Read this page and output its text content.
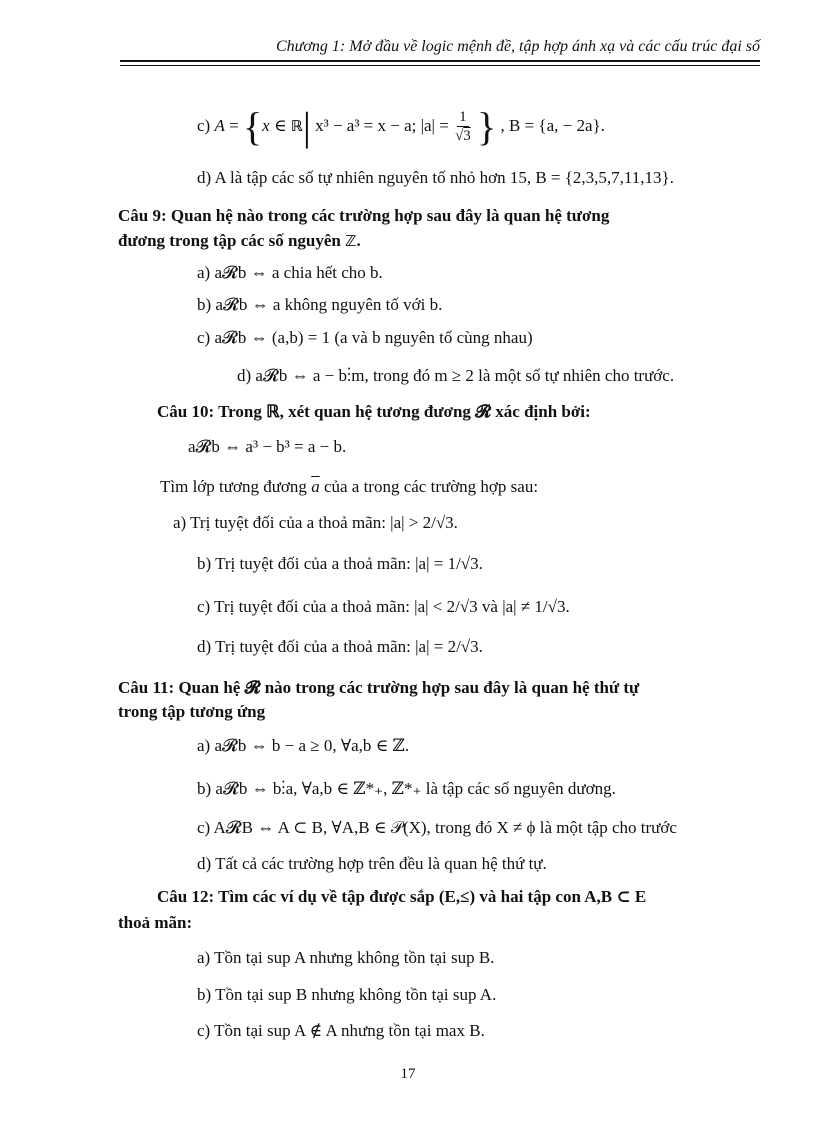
Chương 1: Mở đầu về logic mệnh đề, tập hợp ánh xạ và các cấu trúc đại số
c) A = {x ∈ ℝ| x³ − a³ = x − a; $|a| = \frac{1}{√3}$ } , B = {a, − 2a}.
d) A là tập các số tự nhiên nguyên tố nhỏ hơn 15, B = {2,3,5,7,11,13}.
Câu 9: Quan hệ nào trong các trường hợp sau đây là quan hệ tương
đương trong tập các số nguyên ℤ.
a) a𝓡b ⇔ a chia hết cho b.
b) a𝓡b ⇔ a không nguyên tố với b.
c) a𝓡b ⇔ (a,b) = 1 (a và b nguyên tố cùng nhau)
d) a𝓡b ⇔ a − b⋮m, trong đó m ≥ 2 là một số tự nhiên cho trước.
Câu 10: Trong ℝ, xét quan hệ tương đương 𝓡 xác định bởi:
a𝓡b ⇔ a³ − b³ = a − b.
Tìm lớp tương đương $\overline{a}$ của a trong các trường hợp sau:
a) Trị tuyệt đối của a thoả mãn: |a| > 2/√3.
b) Trị tuyệt đối của a thoả mãn: |a| = 1/√3.
c) Trị tuyệt đối của a thoả mãn: |a| < 2/√3 và |a| ≠ 1/√3.
d) Trị tuyệt đối của a thoả mãn: |a| = 2/√3.
Câu 11: Quan hệ 𝓡 nào trong các trường hợp sau đây là quan hệ thứ tự
trong tập tương ứng
a) a𝓡b ⇔ b − a ≥ 0, ∀a,b ∈ ℤ.
b) a𝓡b ⇔ b⋮a, ∀a,b ∈ ℤ*₊, ℤ*₊ là tập các số nguyên dương.
c) A𝓡B ⇔ A ⊂ B, ∀A,B ∈ 𝒫(X), trong đó X ≠ ϕ là một tập cho trước
d) Tất cả các trường hợp trên đều là quan hệ thứ tự.
Câu 12: Tìm các ví dụ về tập được sắp (E,≤) và hai tập con A,B ⊂ E
thoả mãn:
a) Tồn tại sup A nhưng không tồn tại sup B.
b) Tồn tại sup B nhưng không tồn tại sup A.
c) Tồn tại sup A ∉ A nhưng tồn tại max B.
17
